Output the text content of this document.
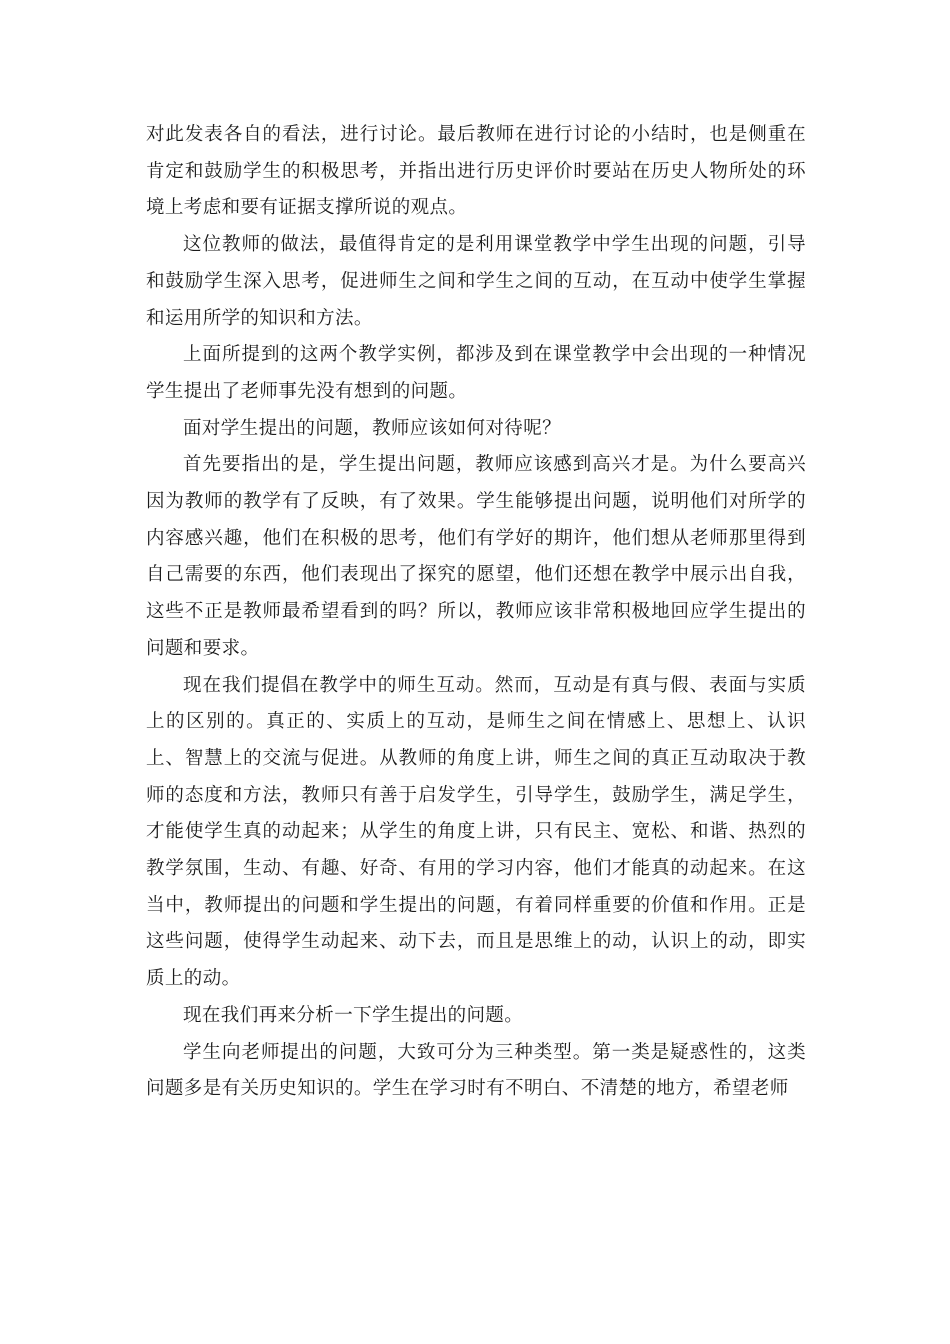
对此发表各自的看法，进行讨论。最后教师在进行讨论的小结时，也是侧重在肯定和鼓励学生的积极思考，并指出进行历史评价时要站在历史人物所处的环境上考虑和要有证据支撑所说的观点。

这位教师的做法，最值得肯定的是利用课堂教学中学生出现的问题，引导和鼓励学生深入思考，促进师生之间和学生之间的互动，在互动中使学生掌握和运用所学的知识和方法。

上面所提到的这两个教学实例，都涉及到在课堂教学中会出现的一种情况学生提出了老师事先没有想到的问题。

面对学生提出的问题，教师应该如何对待呢？

首先要指出的是，学生提出问题，教师应该感到高兴才是。为什么要高兴因为教师的教学有了反映，有了效果。学生能够提出问题，说明他们对所学的内容感兴趣，他们在积极的思考，他们有学好的期许，他们想从老师那里得到自己需要的东西，他们表现出了探究的愿望，他们还想在教学中展示出自我，这些不正是教师最希望看到的吗？所以，教师应该非常积极地回应学生提出的问题和要求。

现在我们提倡在教学中的师生互动。然而，互动是有真与假、表面与实质上的区别的。真正的、实质上的互动，是师生之间在情感上、思想上、认识上、智慧上的交流与促进。从教师的角度上讲，师生之间的真正互动取决于教师的态度和方法，教师只有善于启发学生，引导学生，鼓励学生，满足学生，才能使学生真的动起来；从学生的角度上讲，只有民主、宽松、和谐、热烈的教学氛围，生动、有趣、好奇、有用的学习内容，他们才能真的动起来。在这当中，教师提出的问题和学生提出的问题，有着同样重要的价值和作用。正是这些问题，使得学生动起来、动下去，而且是思维上的动，认识上的动，即实质上的动。

现在我们再来分析一下学生提出的问题。

学生向老师提出的问题，大致可分为三种类型。第一类是疑惑性的，这类问题多是有关历史知识的。学生在学习时有不明白、不清楚的地方，希望老师
